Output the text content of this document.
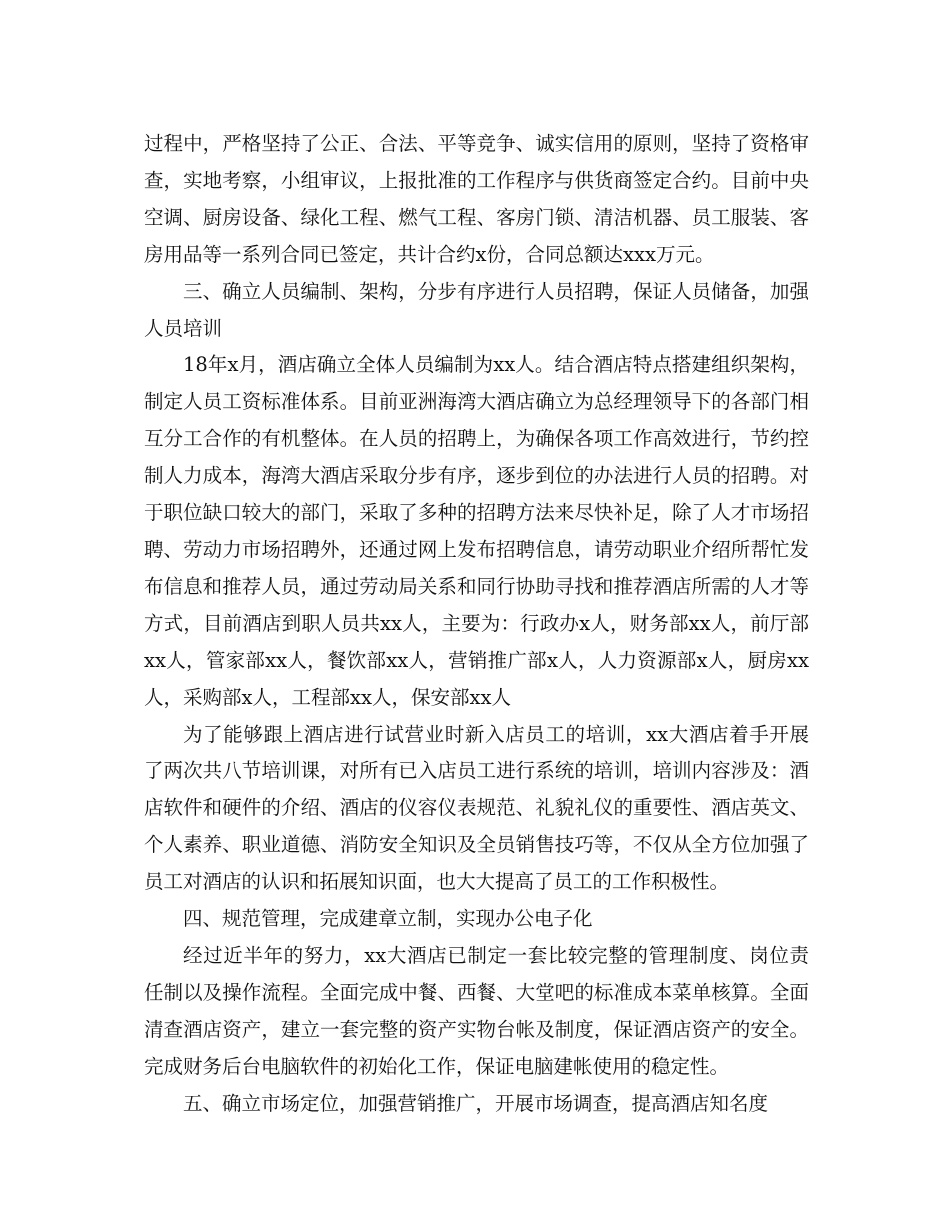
过程中，严格坚持了公正、合法、平等竞争、诚实信用的原则，坚持了资格审查，实地考察，小组审议，上报批准的工作程序与供货商签定合约。目前中央空调、厨房设备、绿化工程、燃气工程、客房门锁、清洁机器、员工服装、客房用品等一系列合同已签定，共计合约x份，合同总额达xxx万元。

三、确立人员编制、架构，分步有序进行人员招聘，保证人员储备，加强人员培训

18年x月，酒店确立全体人员编制为xx人。结合酒店特点搭建组织架构，制定人员工资标准体系。目前亚洲海湾大酒店确立为总经理领导下的各部门相互分工合作的有机整体。在人员的招聘上，为确保各项工作高效进行，节约控制人力成本，海湾大酒店采取分步有序，逐步到位的办法进行人员的招聘。对于职位缺口较大的部门，采取了多种的招聘方法来尽快补足，除了人才市场招聘、劳动力市场招聘外，还通过网上发布招聘信息，请劳动职业介绍所帮忙发布信息和推荐人员，通过劳动局关系和同行协助寻找和推荐酒店所需的人才等方式，目前酒店到职人员共xx人，主要为：行政办x人，财务部xx人，前厅部xx人，管家部xx人，餐饮部xx人，营销推广部x人，人力资源部x人，厨房xx人，采购部x人，工程部xx人，保安部xx人

为了能够跟上酒店进行试营业时新入店员工的培训，xx大酒店着手开展了两次共八节培训课，对所有已入店员工进行系统的培训，培训内容涉及：酒店软件和硬件的介绍、酒店的仪容仪表规范、礼貌礼仪的重要性、酒店英文、个人素养、职业道德、消防安全知识及全员销售技巧等，不仅从全方位加强了员工对酒店的认识和拓展知识面，也大大提高了员工的工作积极性。

四、规范管理，完成建章立制，实现办公电子化

经过近半年的努力，xx大酒店已制定一套比较完整的管理制度、岗位责任制以及操作流程。全面完成中餐、西餐、大堂吧的标准成本菜单核算。全面清查酒店资产，建立一套完整的资产实物台帐及制度，保证酒店资产的安全。完成财务后台电脑软件的初始化工作，保证电脑建帐使用的稳定性。

五、确立市场定位，加强营销推广，开展市场调查，提高酒店知名度
